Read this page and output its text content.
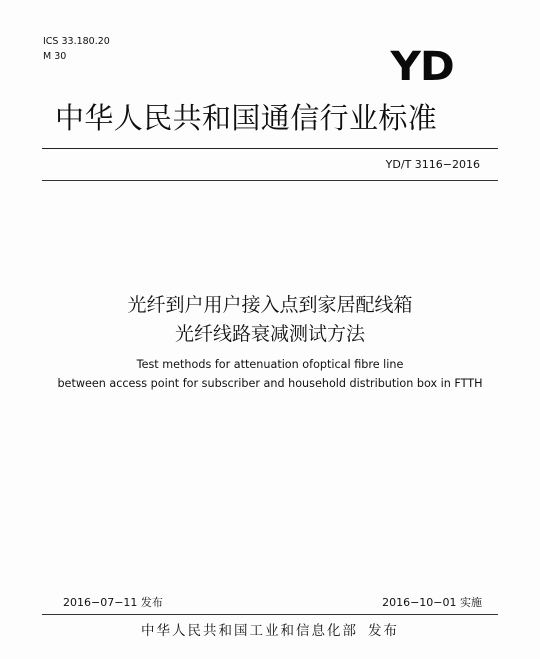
ICS 33.180.20
M 30	YD
中华人民共和国通信行业标准
YD/T 3116−2016
光纤到户用户接入点到家居配线箱
光纤线路衰减测试方法
Test methods for attenuation ofoptical fibre line
between access point for subscriber and household distribution box in FTTH
2016−07−11 发布	2016−10−01 实施
中华人民共和国工业和信息化部 发布
